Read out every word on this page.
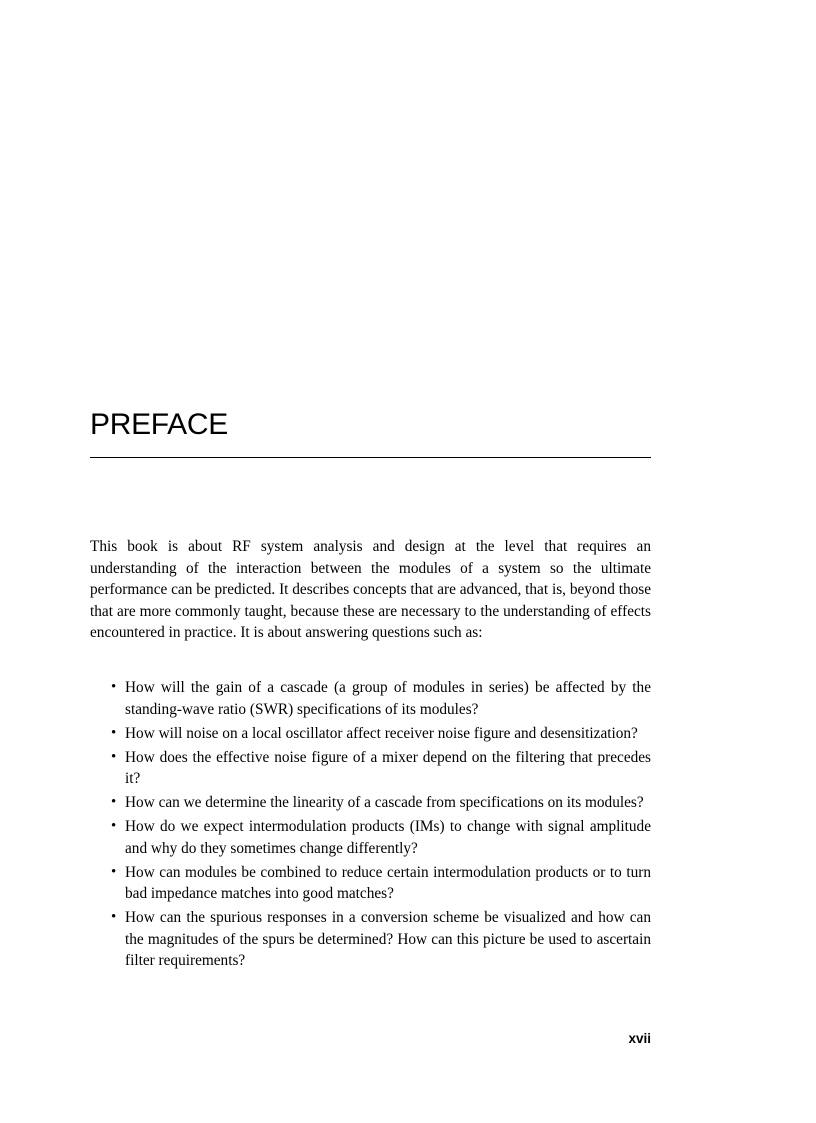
PREFACE

This book is about RF system analysis and design at the level that requires an understanding of the interaction between the modules of a system so the ultimate performance can be predicted. It describes concepts that are advanced, that is, beyond those that are more commonly taught, because these are necessary to the understanding of effects encountered in practice. It is about answering questions such as:

• How will the gain of a cascade (a group of modules in series) be affected by the standing-wave ratio (SWR) specifications of its modules?
• How will noise on a local oscillator affect receiver noise figure and desensitization?
• How does the effective noise figure of a mixer depend on the filtering that precedes it?
• How can we determine the linearity of a cascade from specifications on its modules?
• How do we expect intermodulation products (IMs) to change with signal amplitude and why do they sometimes change differently?
• How can modules be combined to reduce certain intermodulation products or to turn bad impedance matches into good matches?
• How can the spurious responses in a conversion scheme be visualized and how can the magnitudes of the spurs be determined? How can this picture be used to ascertain filter requirements?
xvii
